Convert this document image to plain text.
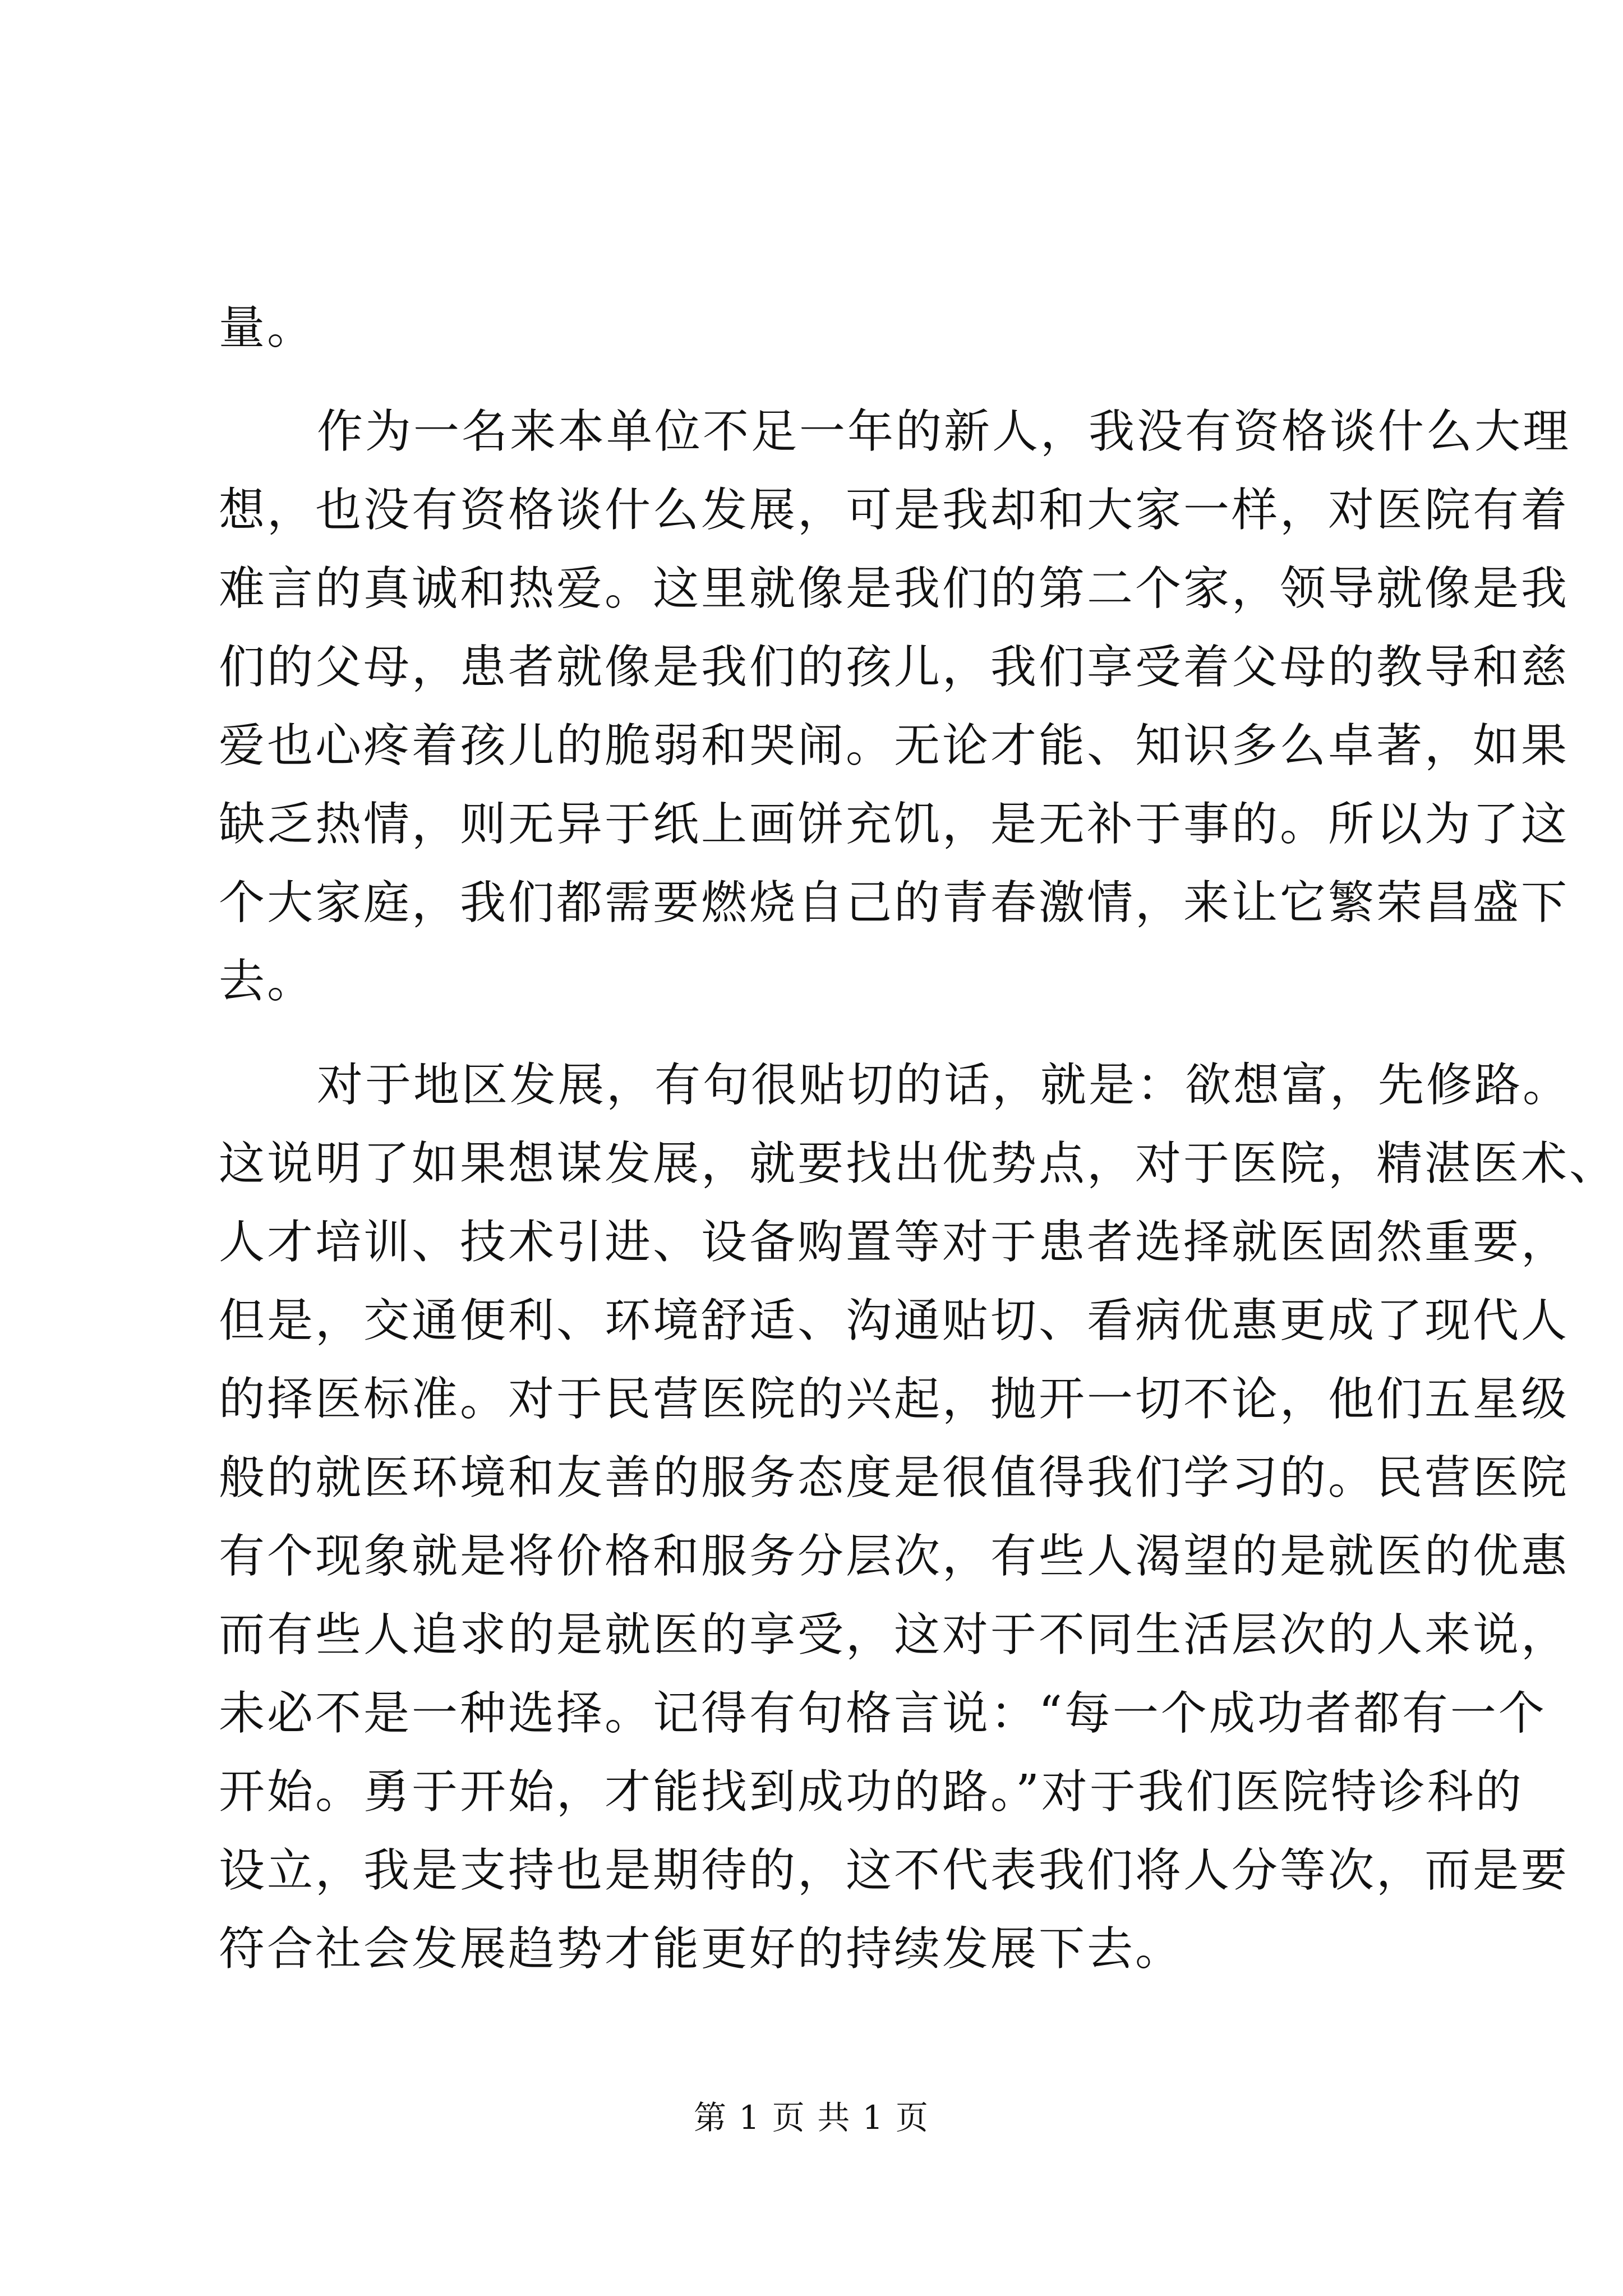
量。
作为一名来本单位不足一年的新人，我没有资格谈什么大理
想，也没有资格谈什么发展，可是我却和大家一样，对医院有着
难言的真诚和热爱。这里就像是我们的第二个家，领导就像是我
们的父母，患者就像是我们的孩儿，我们享受着父母的教导和慈
爱也心疼着孩儿的脆弱和哭闹。无论才能、知识多么卓著，如果
缺乏热情，则无异于纸上画饼充饥，是无补于事的。所以为了这
个大家庭，我们都需要燃烧自己的青春激情，来让它繁荣昌盛下
去。
对于地区发展，有句很贴切的话，就是：欲想富，先修路。
这说明了如果想谋发展，就要找出优势点，对于医院，精湛医术、
人才培训、技术引进、设备购置等对于患者选择就医固然重要，
但是，交通便利、环境舒适、沟通贴切、看病优惠更成了现代人
的择医标准。对于民营医院的兴起，抛开一切不论，他们五星级
般的就医环境和友善的服务态度是很值得我们学习的。民营医院
有个现象就是将价格和服务分层次，有些人渴望的是就医的优惠
而有些人追求的是就医的享受，这对于不同生活层次的人来说，
未必不是一种选择。记得有句格言说：“每一个成功者都有一个
开始。勇于开始，才能找到成功的路。”对于我们医院特诊科的
设立，我是支持也是期待的，这不代表我们将人分等次，而是要
符合社会发展趋势才能更好的持续发展下去。
第 1 页 共 1 页
